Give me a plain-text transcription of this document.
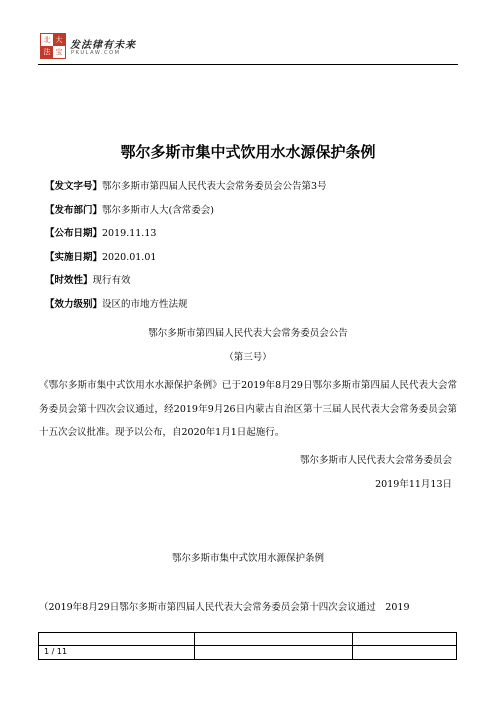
北 大
法 宝
发法律有未来
PKULAW.COM
鄂尔多斯市集中式饮用水水源保护条例
【发文字号】鄂尔多斯市第四届人民代表大会常务委员会公告第3号
【发布部门】鄂尔多斯市人大(含常委会)
【公布日期】2019.11.13
【实施日期】2020.01.01
【时效性】现行有效
【效力级别】设区的市地方性法规
鄂尔多斯市第四届人民代表大会常务委员会公告
（第三号）
《鄂尔多斯市集中式饮用水水源保护条例》已于2019年8月29日鄂尔多斯市第四届人民代表大会常务委员会第十四次会议通过，经2019年9月26日内蒙古自治区第十三届人民代表大会常务委员会第十五次会议批准。现予以公布，自2020年1月1日起施行。
鄂尔多斯市人民代表大会常务委员会
2019年11月13日
鄂尔多斯市集中式饮用水源保护条例
（2019年8月29日鄂尔多斯市第四届人民代表大会常务委员会第十四次会议通过　2019
1 / 11
